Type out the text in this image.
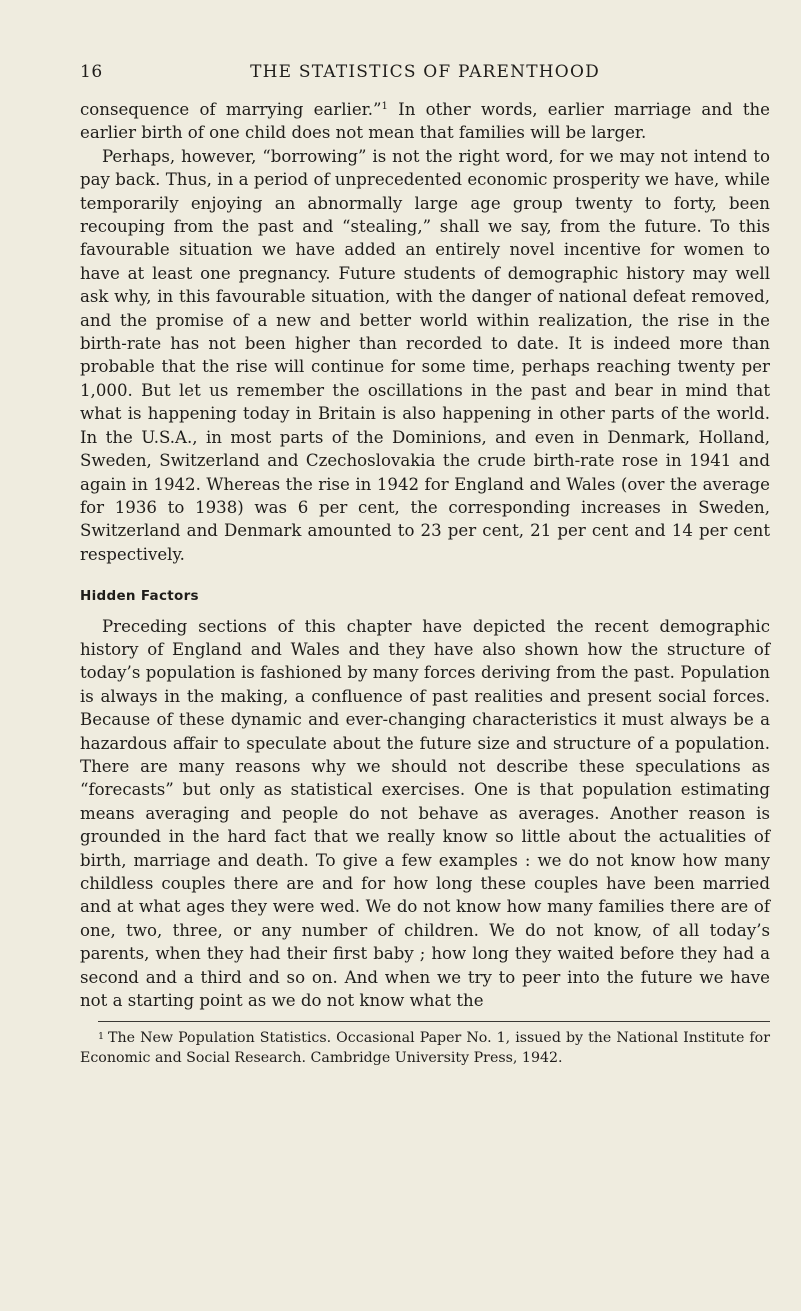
16	THE STATISTICS OF PARENTHOOD

consequence of marrying earlier.”$^1$ In other words, earlier marriage and the earlier birth of one child does not mean that families will be larger.

Perhaps, however, “borrowing” is not the right word, for we may not intend to pay back. Thus, in a period of unprecedented economic prosperity we have, while temporarily enjoying an abnormally large age group twenty to forty, been recouping from the past and “stealing,” shall we say, from the future. To this favourable situation we have added an entirely novel incentive for women to have at least one pregnancy. Future students of demographic history may well ask why, in this favourable situation, with the danger of national defeat removed, and the promise of a new and better world within realization, the rise in the birth-rate has not been higher than recorded to date. It is indeed more than probable that the rise will continue for some time, perhaps reaching twenty per 1,000. But let us remember the oscillations in the past and bear in mind that what is happening today in Britain is also happening in other parts of the world. In the U.S.A., in most parts of the Dominions, and even in Denmark, Holland, Sweden, Switzerland and Czechoslovakia the crude birth-rate rose in 1941 and again in 1942. Whereas the rise in 1942 for England and Wales (over the average for 1936 to 1938) was 6 per cent, the corresponding increases in Sweden, Switzerland and Denmark amounted to 23 per cent, 21 per cent and 14 per cent respectively.

Hidden Factors

Preceding sections of this chapter have depicted the recent demographic history of England and Wales and they have also shown how the structure of today’s population is fashioned by many forces deriving from the past. Population is always in the making, a confluence of past realities and present social forces. Because of these dynamic and ever-changing characteristics it must always be a hazardous affair to speculate about the future size and structure of a population. There are many reasons why we should not describe these speculations as “forecasts” but only as statistical exercises. One is that population estimating means averaging and people do not behave as averages. Another reason is grounded in the hard fact that we really know so little about the actualities of birth, marriage and death. To give a few examples : we do not know how many childless couples there are and for how long these couples have been married and at what ages they were wed. We do not know how many families there are of one, two, three, or any number of children. We do not know, of all today’s parents, when they had their first baby ; how long they waited before they had a second and a third and so on. And when we try to peer into the future we have not a starting point as we do not know what the

$^1$ The New Population Statistics. Occasional Paper No. 1, issued by the National Institute for Economic and Social Research. Cambridge University Press, 1942.
